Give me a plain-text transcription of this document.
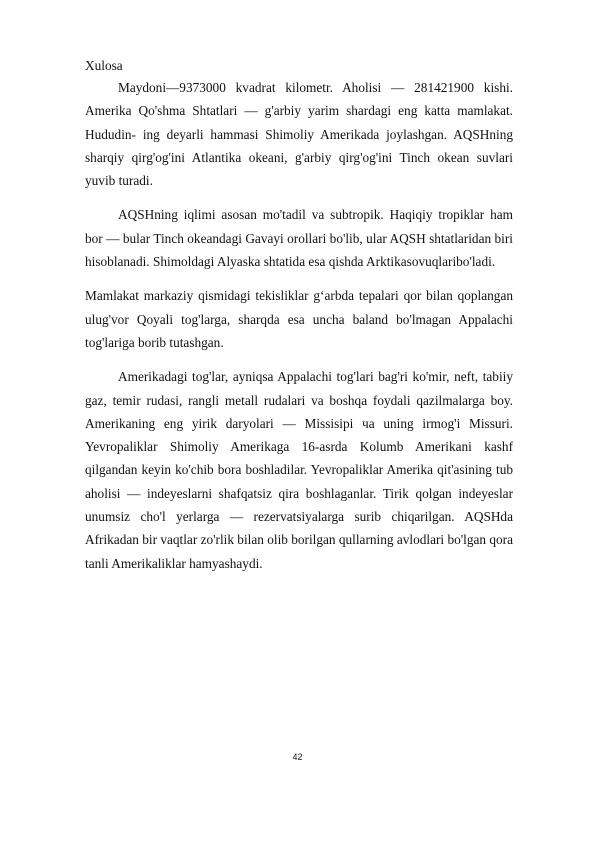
Xulosa

Maydoni—9373000 kvadrat kilometr. Aholisi — 281421900 kishi. Amerika Qo'shma Shtatlari — g'arbiy yarim shardagi eng katta mamlakat. Hududin- ing deyarli hammasi Shimoliy Amerikada joylashgan. AQSHning sharqiy qirg'og'ini Atlantika okeani, g'arbiy qirg'og'ini Tinch okean suvlari yuvib turadi.

AQSHning iqlimi asosan mo'tadil va subtropik. Haqiqiy tropiklar ham bor — bular Tinch okeandagi Gavayi orollari bo'lib, ular AQSH shtatlaridan biri hisoblanadi. Shimoldagi Alyaska shtatida esa qishda Arktikasovuqlaribo'ladi.

Mamlakat markaziy qismidagi tekisliklar g‘arbda tepalari qor bilan qoplangan ulug'vor Qoyali tog'larga, sharqda esa uncha baland bo'lmagan Appalachi tog'lariga borib tutashgan.

Amerikadagi tog'lar, ayniqsa Appalachi tog'lari bag'ri ko'mir, neft, tabiiy gaz, temir rudasi, rangli metall rudalari va boshqa foydali qazilmalarga boy. Amerikaning eng yirik daryolari — Missisipi ча uning irmog'i Missuri. Yevropaliklar Shimoliy Amerikaga 16-asrda Kolumb Amerikani kashf qilgandan keyin ko'chib bora boshladilar. Yevropaliklar Amerika qit'asining tub aholisi — indeyeslarni shafqatsiz qira boshlaganlar. Tirik qolgan indeyeslar unumsiz cho'l yerlarga — rezervatsiyalarga surib chiqarilgan. AQSHda Afrikadan bir vaqtlar zo'rlik bilan olib borilgan qullarning avlodlari bo'lgan qora tanli Amerikaliklar hamyashaydi.

42
